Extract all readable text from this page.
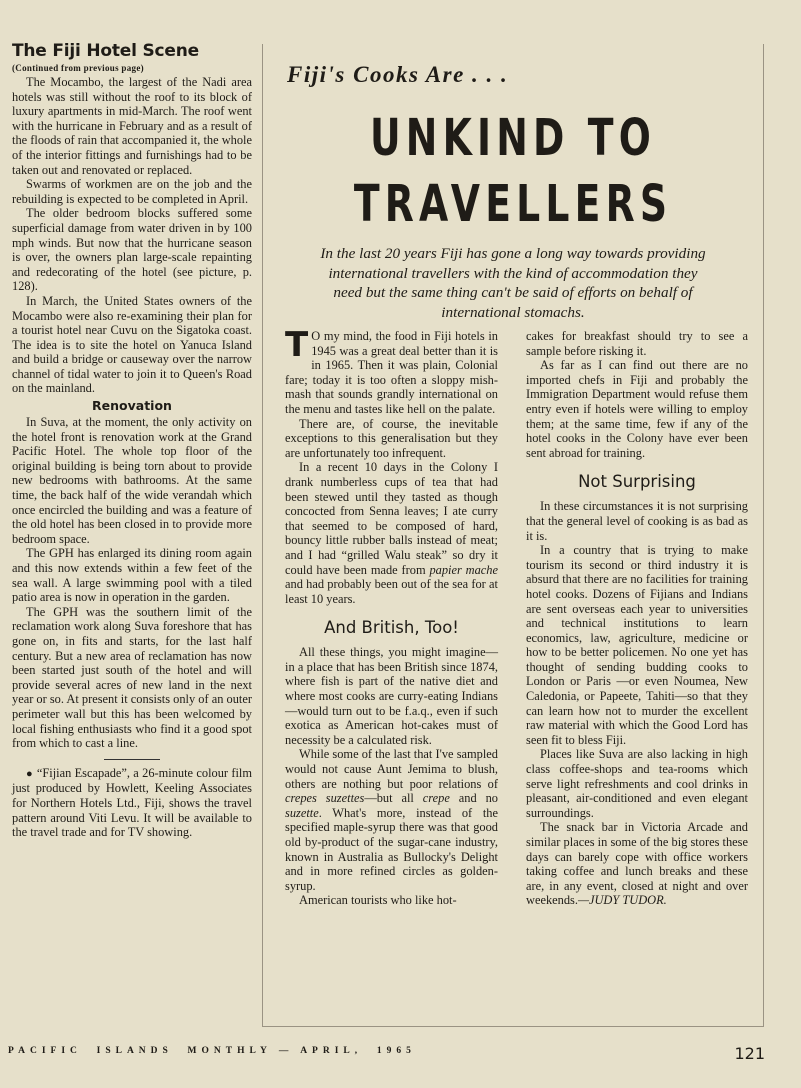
The Fiji Hotel Scene
(Continued from previous page)

The Mocambo, the largest of the Nadi area hotels was still without the roof to its block of luxury apartments in mid-March. The roof went with the hurricane in February and as a result of the floods of rain that accompanied it, the whole of the interior fittings and furnishings had to be taken out and renovated or replaced.

Swarms of workmen are on the job and the rebuilding is expected to be completed in April.

The older bedroom blocks suffered some superficial damage from water driven in by 100 mph winds. But now that the hurricane season is over, the owners plan large-scale repainting and redecorating of the hotel (see picture, p. 128).

In March, the United States owners of the Mocambo were also re-examining their plan for a tourist hotel near Cuvu on the Sigatoka coast. The idea is to site the hotel on Yanuca Island and build a bridge or causeway over the narrow channel of tidal water to join it to Queen's Road on the mainland.

Renovation

In Suva, at the moment, the only activity on the hotel front is renovation work at the Grand Pacific Hotel. The whole top floor of the original building is being torn about to provide new bedrooms with bathrooms. At the same time, the back half of the wide verandah which once encircled the building and was a feature of the old hotel has been closed in to provide more bedroom space.

The GPH has enlarged its dining room again and this now extends within a few feet of the sea wall. A large swimming pool with a tiled patio area is now in operation in the garden.

The GPH was the southern limit of the reclamation work along Suva foreshore that has gone on, in fits and starts, for the last half century. But a new area of reclamation has now been started just south of the hotel and will provide several acres of new land in the next year or so. At present it consists only of an outer perimeter wall but this has been welcomed by local fishing enthusiasts who find it a good spot from which to cast a line.

● “Fijian Escapade”, a 26-minute colour film just produced by Howlett, Keeling Associates for Northern Hotels Ltd., Fiji, shows the travel pattern around Viti Levu. It will be available to the travel trade and for TV showing.

Fiji's Cooks Are . . .
UNKIND TO
TRAVELLERS

In the last 20 years Fiji has gone a long way towards providing international travellers with the kind of accommodation they need but the same thing can't be said of efforts on behalf of international stomachs.

T O my mind, the food in Fiji hotels in 1945 was a great deal better than it is in 1965. Then it was plain, Colonial fare; today it is too often a sloppy mish-mash that sounds grandly international on the menu and tastes like hell on the palate.

There are, of course, the inevitable exceptions to this generalisation but they are unfortunately too infrequent.

In a recent 10 days in the Colony I drank numberless cups of tea that had been stewed until they tasted as though concocted from Senna leaves; I ate curry that seemed to be composed of hard, bouncy little rubber balls instead of meat; and I had “grilled Walu steak” so dry it could have been made from papier mache and had probably been out of the sea for at least 10 years.

And British, Too!

All these things, you might imagine—in a place that has been British since 1874, where fish is part of the native diet and where most cooks are curry-eating Indians—would turn out to be f.a.q., even if such exotica as American hot-cakes must of necessity be a calculated risk.

While some of the last that I've sampled would not cause Aunt Jemima to blush, others are nothing but poor relations of crepes suzettes—but all crepe and no suzette. What's more, instead of the specified maple-syrup there was that good old by-product of the sugar-cane industry, known in Australia as Bullocky's Delight and in more refined circles as golden-syrup.

American tourists who like hot-

cakes for breakfast should try to see a sample before risking it.

As far as I can find out there are no imported chefs in Fiji and probably the Immigration Department would refuse them entry even if hotels were willing to employ them; at the same time, few if any of the hotel cooks in the Colony have ever been sent abroad for training.

Not Surprising

In these circumstances it is not surprising that the general level of cooking is as bad as it is.

In a country that is trying to make tourism its second or third industry it is absurd that there are no facilities for training hotel cooks. Dozens of Fijians and Indians are sent overseas each year to universities and technical institutions to learn economics, law, agriculture, medicine or how to be better policemen. No one yet has thought of sending budding cooks to London or Paris —or even Noumea, New Caledonia, or Papeete, Tahiti—so that they can learn how not to murder the excellent raw material with which the Good Lord has seen fit to bless Fiji.

Places like Suva are also lacking in high class coffee-shops and tea-rooms which serve light refreshments and cool drinks in pleasant, air-conditioned and even elegant surroundings.

The snack bar in Victoria Arcade and similar places in some of the big stores these days can barely cope with office workers taking coffee and lunch breaks and these are, in any event, closed at night and over weekends.—JUDY TUDOR.

PACIFIC  ISLANDS  MONTHLY — APRIL,  1965	121
